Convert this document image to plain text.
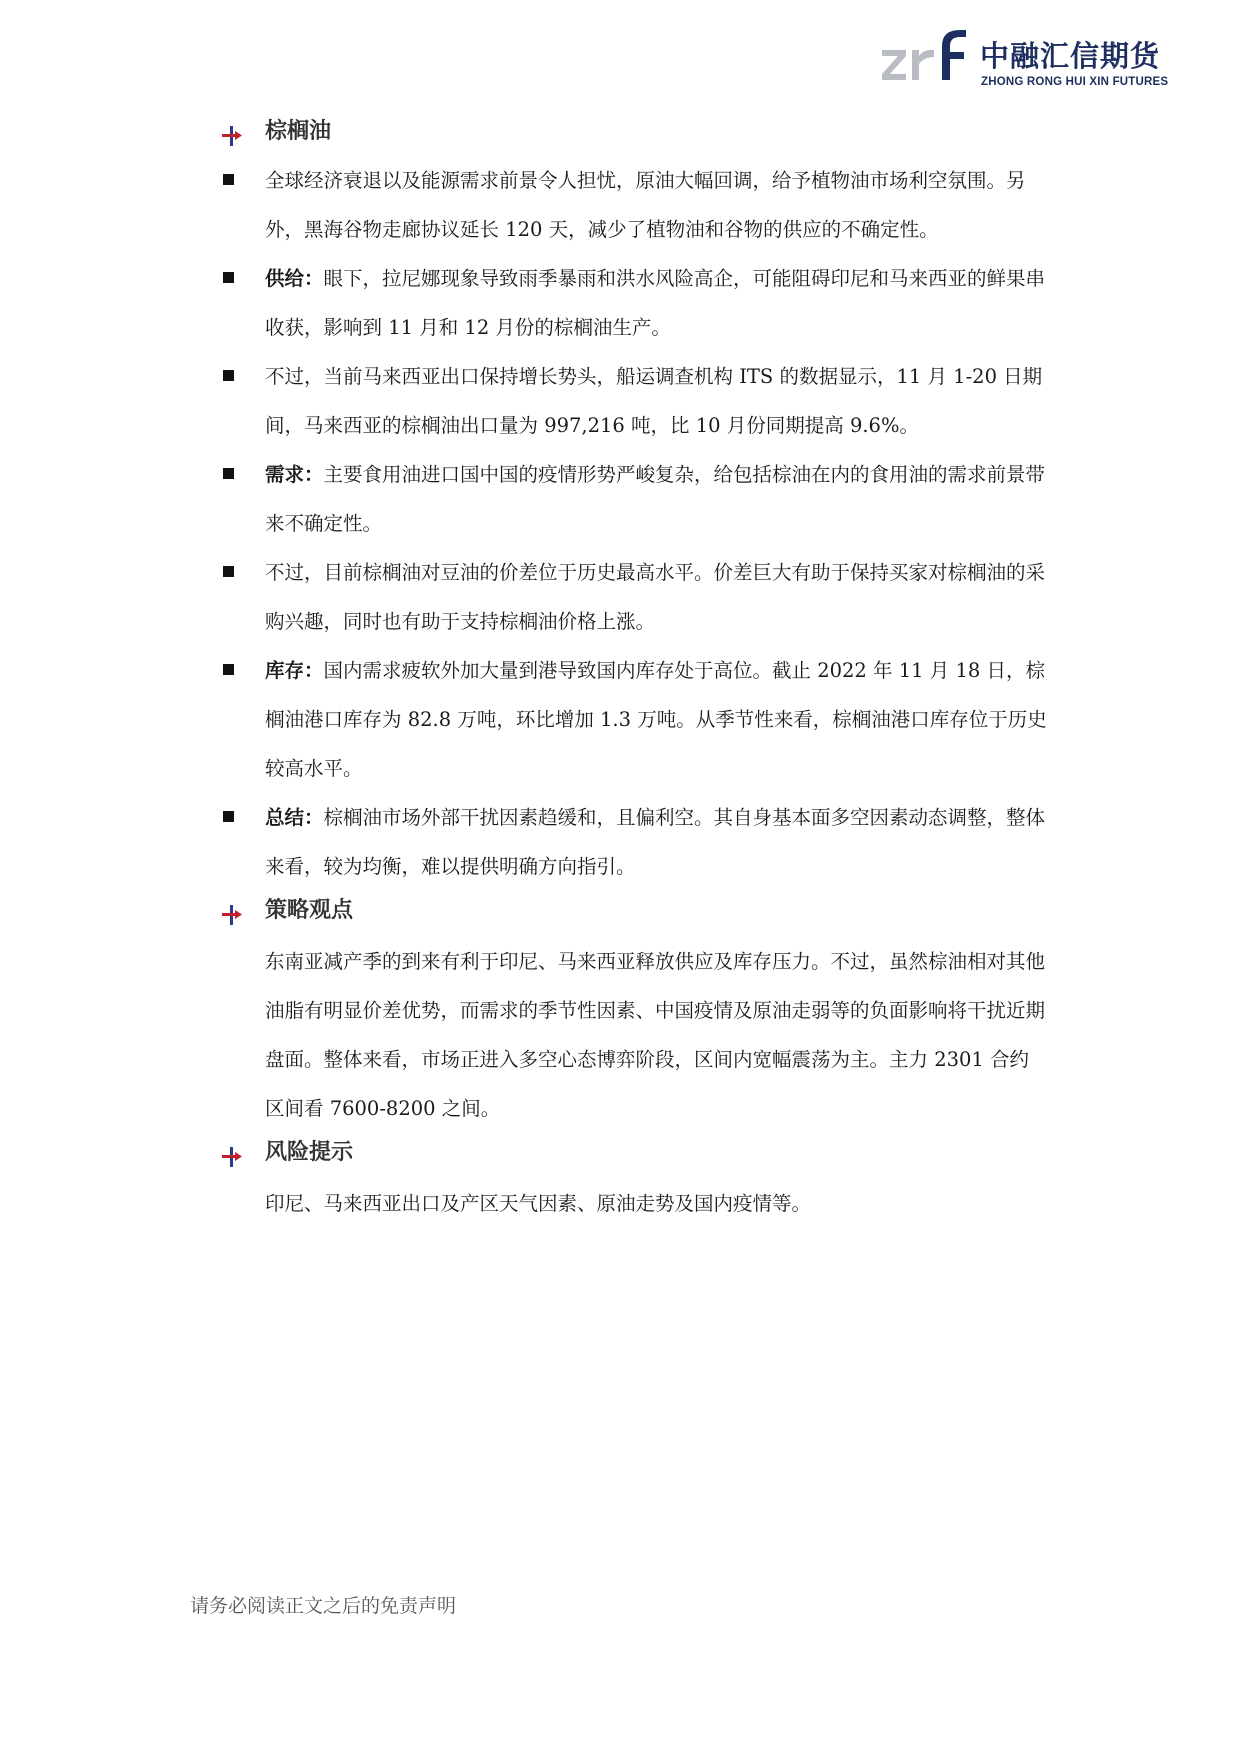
中融汇信期货
ZHONG RONG HUI XIN FUTURES
棕榈油
全球经济衰退以及能源需求前景令人担忧，原油大幅回调，给予植物油市场利空氛围。另外，黑海谷物走廊协议延长 120 天，减少了植物油和谷物的供应的不确定性。
供给：眼下，拉尼娜现象导致雨季暴雨和洪水风险高企，可能阻碍印尼和马来西亚的鲜果串收获，影响到 11 月和 12 月份的棕榈油生产。
不过，当前马来西亚出口保持增长势头，船运调查机构 ITS 的数据显示，11 月 1-20 日期间，马来西亚的棕榈油出口量为 997,216 吨，比 10 月份同期提高 9.6%。
需求：主要食用油进口国中国的疫情形势严峻复杂，给包括棕油在内的食用油的需求前景带来不确定性。
不过，目前棕榈油对豆油的价差位于历史最高水平。价差巨大有助于保持买家对棕榈油的采购兴趣，同时也有助于支持棕榈油价格上涨。
库存：国内需求疲软外加大量到港导致国内库存处于高位。截止 2022 年 11 月 18 日，棕榈油港口库存为 82.8 万吨，环比增加 1.3 万吨。从季节性来看，棕榈油港口库存位于历史较高水平。
总结：棕榈油市场外部干扰因素趋缓和，且偏利空。其自身基本面多空因素动态调整，整体来看，较为均衡，难以提供明确方向指引。
策略观点
东南亚减产季的到来有利于印尼、马来西亚释放供应及库存压力。不过，虽然棕油相对其他油脂有明显价差优势，而需求的季节性因素、中国疫情及原油走弱等的负面影响将干扰近期盘面。整体来看，市场正进入多空心态博弈阶段，区间内宽幅震荡为主。主力 2301 合约区间看 7600-8200 之间。
风险提示
印尼、马来西亚出口及产区天气因素、原油走势及国内疫情等。
请务必阅读正文之后的免责声明
